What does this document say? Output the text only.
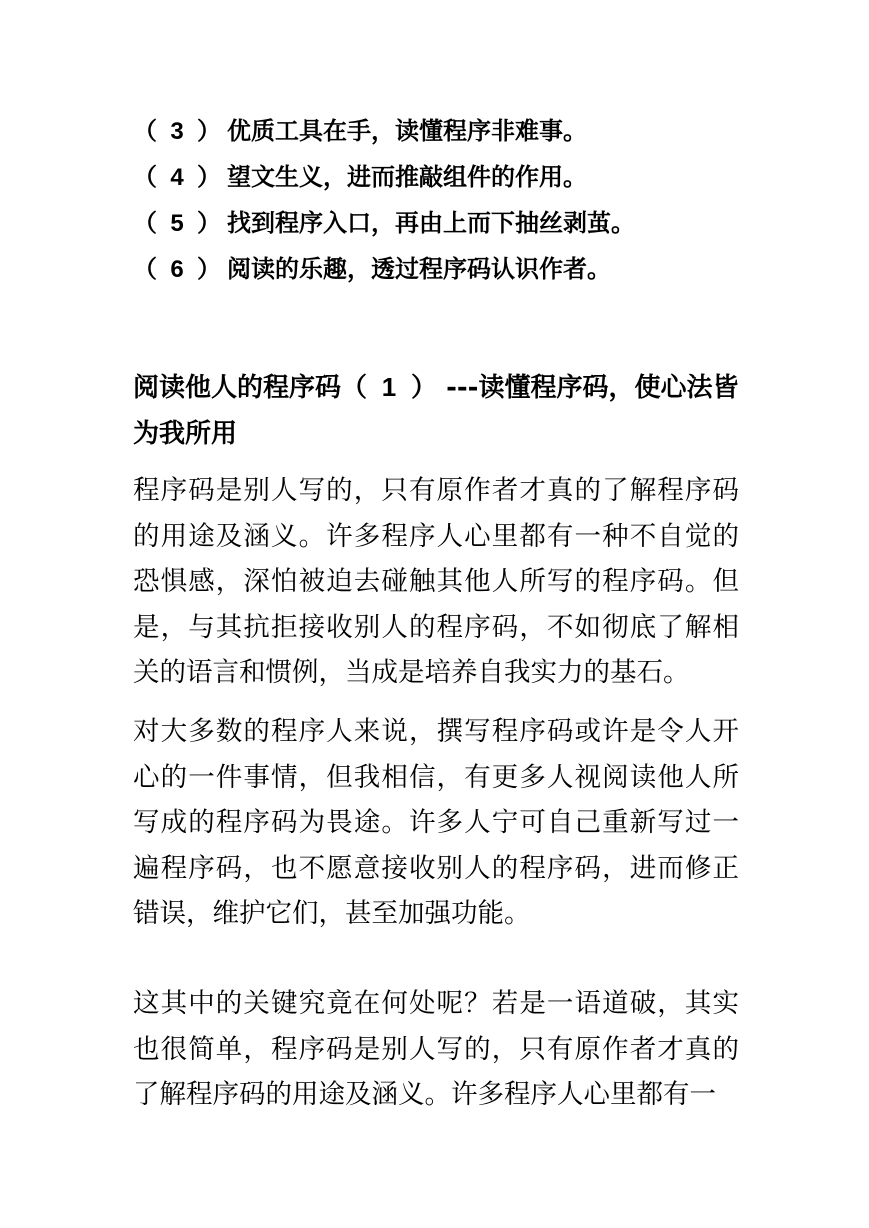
（ 3 ） 优质工具在手，读懂程序非难事。
（ 4 ） 望文生义，进而推敲组件的作用。
（ 5 ） 找到程序入口，再由上而下抽丝剥茧。
（ 6 ） 阅读的乐趣，透过程序码认识作者。
阅读他人的程序码（ 1 ） ---读懂程序码，使心法皆为我所用

程序码是别人写的，只有原作者才真的了解程序码的用途及涵义。许多程序人心里都有一种不自觉的恐惧感，深怕被迫去碰触其他人所写的程序码。但是，与其抗拒接收别人的程序码，不如彻底了解相关的语言和惯例，当成是培养自我实力的基石。

对大多数的程序人来说，撰写程序码或许是令人开心的一件事情，但我相信，有更多人视阅读他人所写成的程序码为畏途。许多人宁可自己重新写过一遍程序码，也不愿意接收别人的程序码，进而修正错误，维护它们，甚至加强功能。

这其中的关键究竟在何处呢？若是一语道破，其实也很简单，程序码是别人写的，只有原作者才真的了解程序码的用途及涵义。许多程序人心里都有一
